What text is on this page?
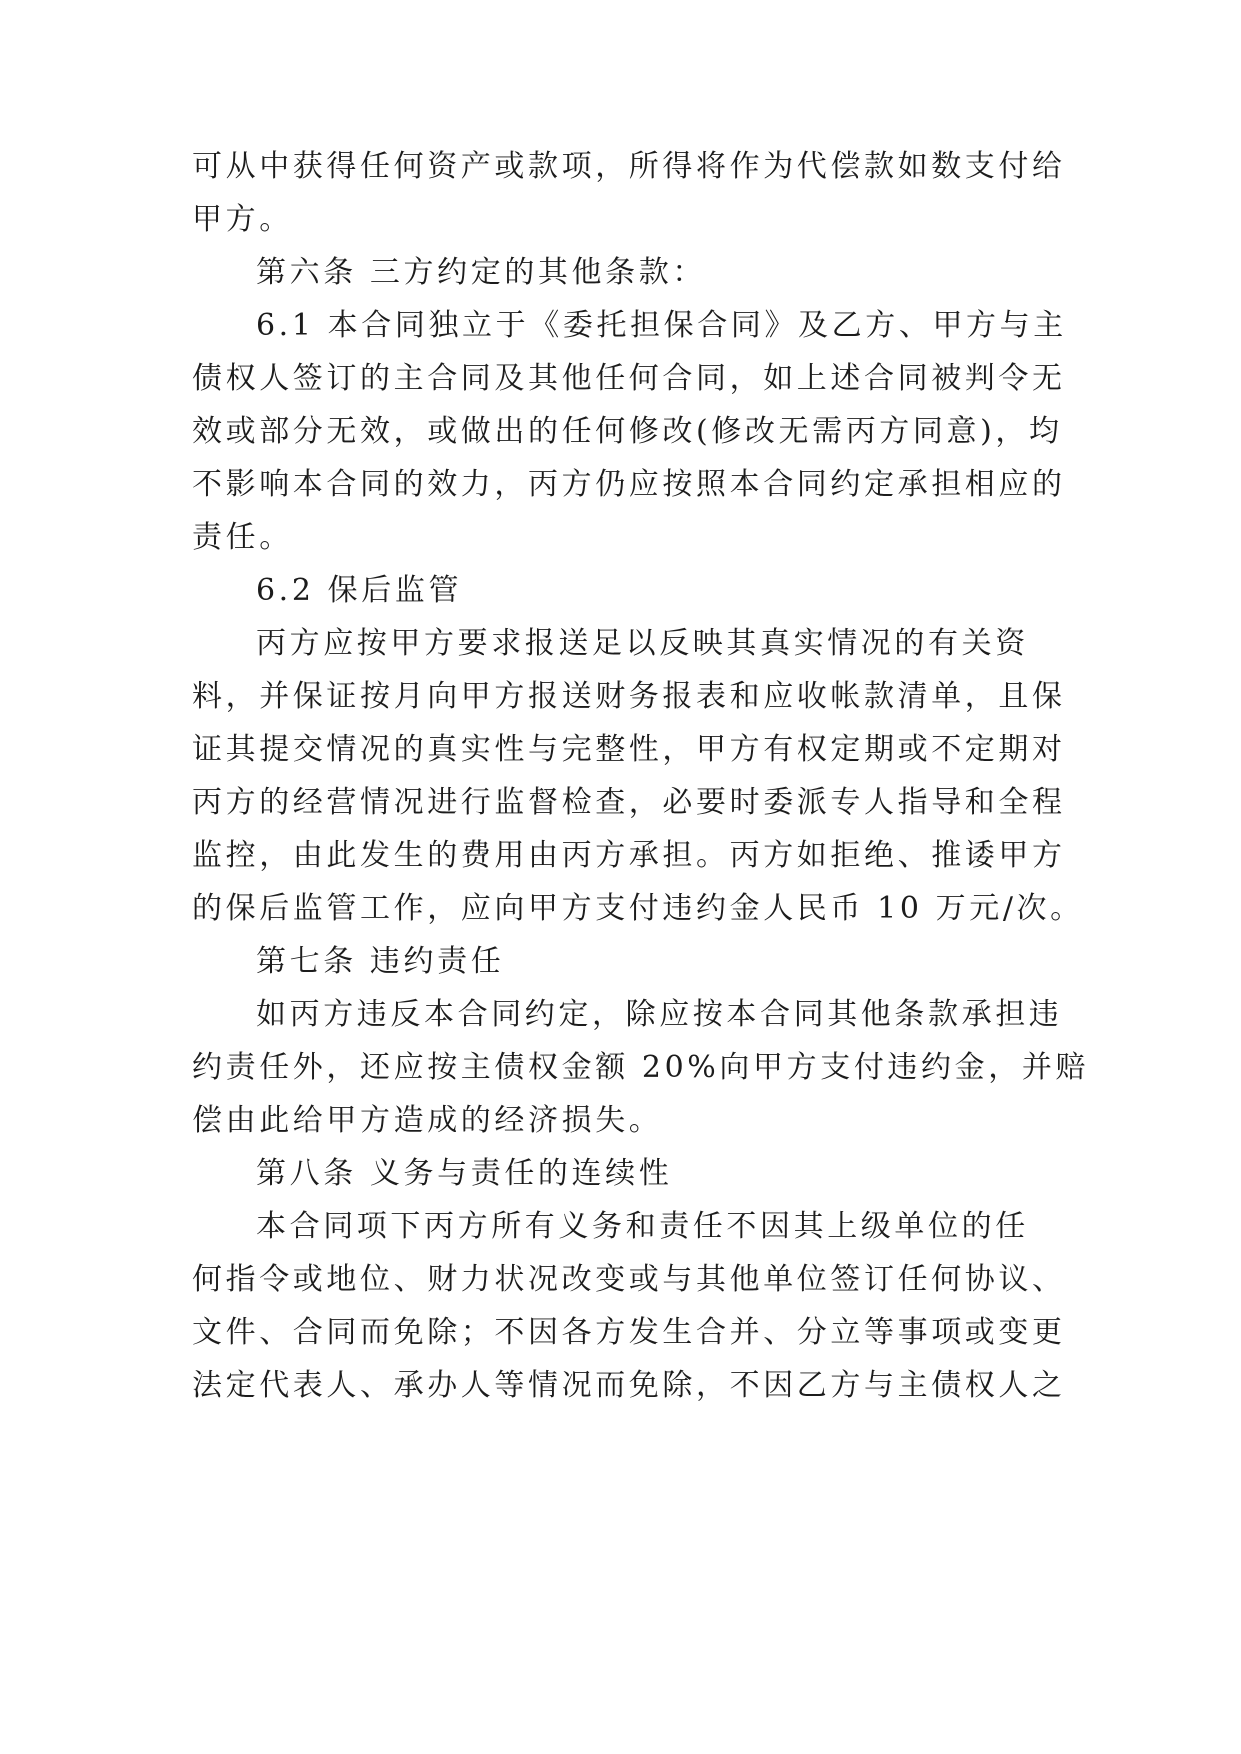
可从中获得任何资产或款项，所得将作为代偿款如数支付给
甲方。
第六条 三方约定的其他条款：
6.1 本合同独立于《委托担保合同》及乙方、甲方与主
债权人签订的主合同及其他任何合同，如上述合同被判令无
效或部分无效，或做出的任何修改(修改无需丙方同意)，均
不影响本合同的效力，丙方仍应按照本合同约定承担相应的
责任。
6.2 保后监管
丙方应按甲方要求报送足以反映其真实情况的有关资
料，并保证按月向甲方报送财务报表和应收帐款清单，且保
证其提交情况的真实性与完整性，甲方有权定期或不定期对
丙方的经营情况进行监督检查，必要时委派专人指导和全程
监控，由此发生的费用由丙方承担。丙方如拒绝、推诿甲方
的保后监管工作，应向甲方支付违约金人民币 10 万元/次。
第七条 违约责任
如丙方违反本合同约定，除应按本合同其他条款承担违
约责任外，还应按主债权金额 20%向甲方支付违约金，并赔
偿由此给甲方造成的经济损失。
第八条 义务与责任的连续性
本合同项下丙方所有义务和责任不因其上级单位的任
何指令或地位、财力状况改变或与其他单位签订任何协议、
文件、合同而免除；不因各方发生合并、分立等事项或变更
法定代表人、承办人等情况而免除，不因乙方与主债权人之
